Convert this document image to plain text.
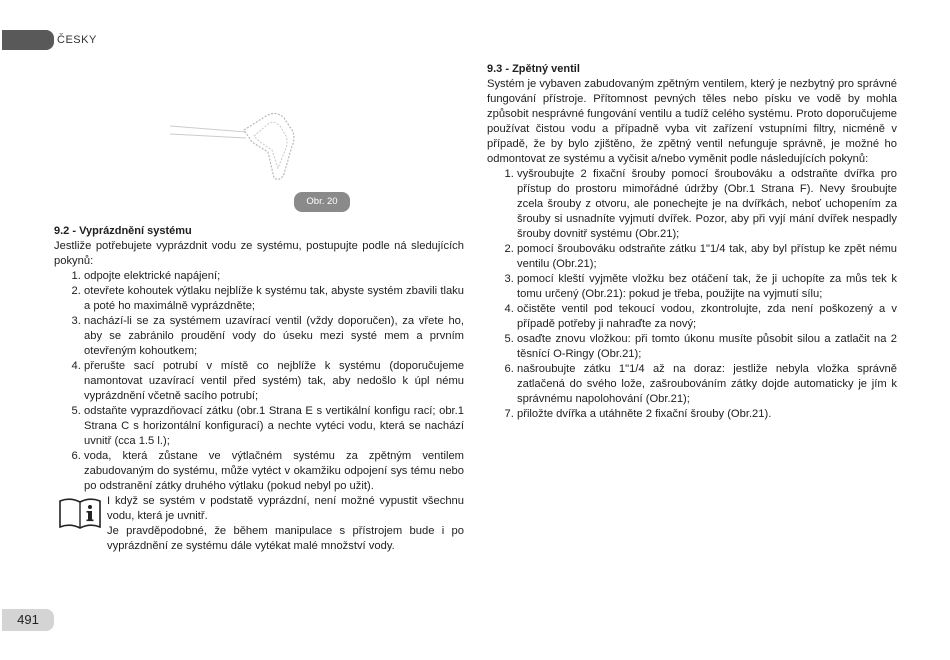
ČESKY
Obr. 20

9.2 - Vyprázdnění systému

Jestliže potřebujete vyprázdnit vodu ze systému, postupujte podle ná sledujících pokynů:

1. odpojte elektrické napájení;
2. otevřete kohoutek výtlaku nejblíže k systému tak, abyste systém zbavili tlaku a poté ho maximálně vyprázdněte;
3. nachází-li se za systémem uzavírací ventil (vždy doporučen), za vřete ho, aby se zabránilo proudění vody do úseku mezi systé mem a prvním otevřeným kohoutkem;
4. přerušte sací potrubí v místě co nejblíže k systému (doporučujeme namontovat uzavírací ventil před systém) tak, aby nedošlo k úpl nému vyprázdnění včetně sacího potrubí;
5. odstaňte vyprazdňovací zátku (obr.1 Strana E s vertikální konfigu rací; obr.1 Strana C s horizontální konfigurací) a nechte vytéci vodu, která se nachází uvnitř (cca 1.5 l.);
6. voda, která zůstane ve výtlačném systému za zpětným ventilem zabudovaným do systému, může vytéct v okamžiku odpojení sys tému nebo po odstranění zátky druhého výtlaku (pokud nebyl po užit).

I když se systém v podstatě vyprázdní, není možné vypustit všechnu vodu, která je uvnitř.

Je pravděpodobné, že během manipulace s přístrojem bude i po vyprázdnění ze systému dále vytékat malé množství vody.

9.3 - Zpětný ventil

Systém je vybaven zabudovaným zpětným ventilem, který je nezbytný pro správné fungování přístroje. Přítomnost pevných těles nebo písku ve vodě by mohla způsobit nesprávné fungování ventilu a tudíž celého systému. Proto doporučujeme používat čistou vodu a případně vyba vit zařízení vstupními filtry, nicméně v případě, že by bylo zjištěno, že zpětný ventil nefunguje správně, je možné ho odmontovat ze systému a vyčisit a/nebo vyměnit podle následujících pokynů:

1. vyšroubujte 2 fixační šrouby pomocí šroubováku a odstraňte dvířka pro přístup do prostoru mimořádné údržby (Obr.1 Strana F). Nevy šroubujte zcela šrouby z otvoru, ale ponechejte je na dvířkách, neboť uchopením za šrouby si usnadníte vyjmutí dvířek. Pozor, aby při vyjí mání dvířek nespadly šrouby dovnitř systému (Obr.21);
2. pomocí šroubováku odstraňte zátku 1"1/4 tak, aby byl přístup ke zpět nému ventilu (Obr.21);
3. pomocí kleští vyjměte vložku bez otáčení tak, že ji uchopíte za můs tek k tomu určený (Obr.21): pokud je třeba, použijte na vyjmutí sílu;
4. očistěte ventil pod tekoucí vodou, zkontrolujte, zda není poškozený a v případě potřeby ji nahraďte za nový;
5. osaďte znovu vložkou: při tomto úkonu musíte působit silou a zatlačit na 2 těsnící O-Ringy (Obr.21);
6. našroubujte zátku 1"1/4 až na doraz: jestliže nebyla vložka správně zatlačená do svého lože, zašroubováním zátky dojde automaticky je jím k správnému napolohování (Obr.21);
7. přiložte dvířka a utáhněte 2 fixační šrouby (Obr.21).
491
